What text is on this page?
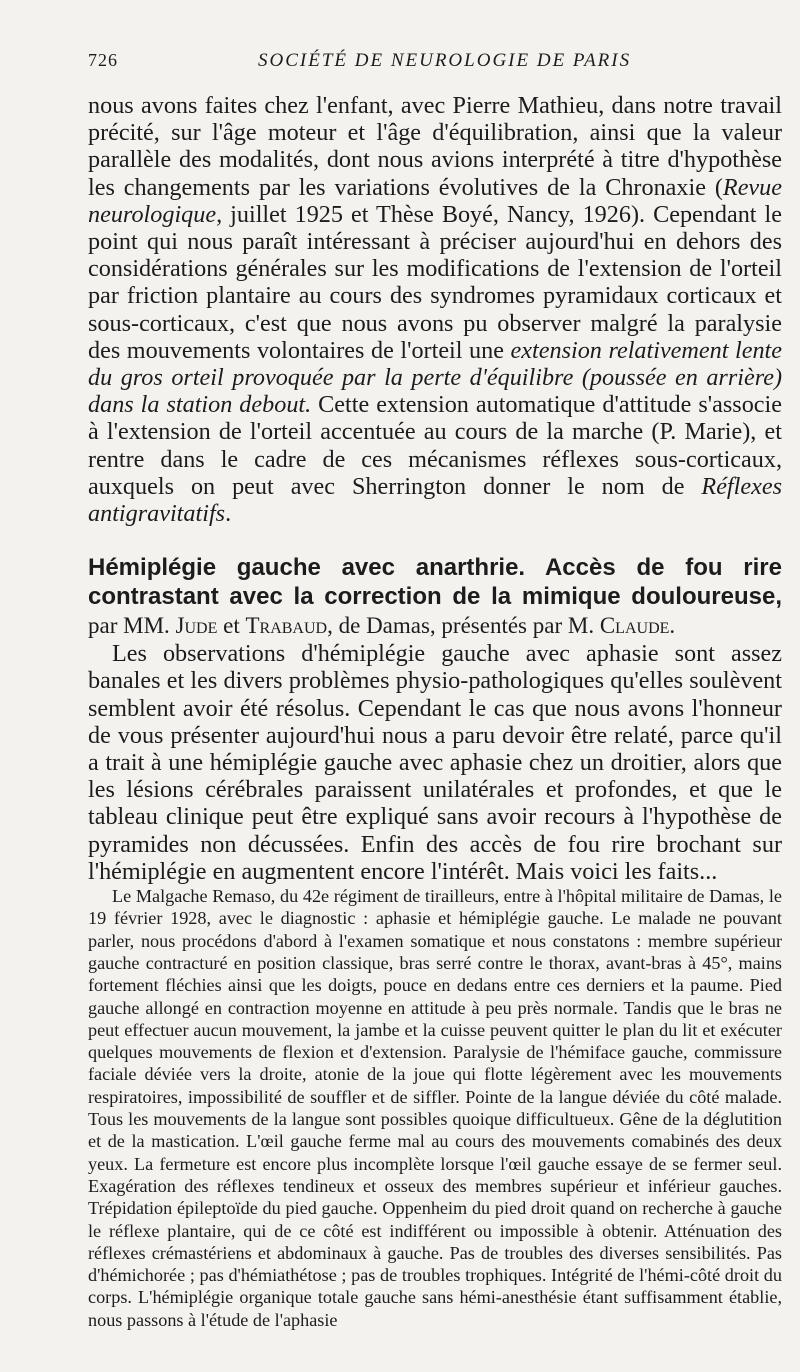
726	SOCIÉTÉ DE NEUROLOGIE DE PARIS

nous avons faites chez l'enfant, avec Pierre Mathieu, dans notre travail précité, sur l'âge moteur et l'âge d'équilibration, ainsi que la valeur parallèle des modalités, dont nous avions interprété à titre d'hypothèse les changements par les variations évolutives de la Chronaxie (Revue neurologique, juillet 1925 et Thèse Boyé, Nancy, 1926). Cependant le point qui nous paraît intéressant à préciser aujourd'hui en dehors des considérations générales sur les modifications de l'extension de l'orteil par friction plantaire au cours des syndromes pyramidaux corticaux et sous-corticaux, c'est que nous avons pu observer malgré la paralysie des mouvements volontaires de l'orteil une extension relativement lente du gros orteil provoquée par la perte d'équilibre (poussée en arrière) dans la station debout. Cette extension automatique d'attitude s'associe à l'extension de l'orteil accentuée au cours de la marche (P. Marie), et rentre dans le cadre de ces mécanismes réflexes sous-corticaux, auxquels on peut avec Sherrington donner le nom de Réflexes antigravitatifs.

Hémiplégie gauche avec anarthrie. Accès de fou rire contrastant avec la correction de la mimique douloureuse, par MM. Jude et Trabaud, de Damas, présentés par M. Claude.

Les observations d'hémiplégie gauche avec aphasie sont assez banales et les divers problèmes physio-pathologiques qu'elles soulèvent semblent avoir été résolus. Cependant le cas que nous avons l'honneur de vous présenter aujourd'hui nous a paru devoir être relaté, parce qu'il a trait à une hémiplégie gauche avec aphasie chez un droitier, alors que les lésions cérébrales paraissent unilatérales et profondes, et que le tableau clinique peut être expliqué sans avoir recours à l'hypothèse de pyramides non décussées. Enfin des accès de fou rire brochant sur l'hémiplégie en augmentent encore l'intérêt. Mais voici les faits...

Le Malgache Remaso, du 42e régiment de tirailleurs, entre à l'hôpital militaire de Damas, le 19 février 1928, avec le diagnostic : aphasie et hémiplégie gauche. Le malade ne pouvant parler, nous procédons d'abord à l'examen somatique et nous constatons : membre supérieur gauche contracturé en position classique, bras serré contre le thorax, avant-bras à 45°, mains fortement fléchies ainsi que les doigts, pouce en dedans entre ces derniers et la paume. Pied gauche allongé en contraction moyenne en attitude à peu près normale. Tandis que le bras ne peut effectuer aucun mouvement, la jambe et la cuisse peuvent quitter le plan du lit et exécuter quelques mouvements de flexion et d'extension. Paralysie de l'hémiface gauche, commissure faciale déviée vers la droite, atonie de la joue qui flotte légèrement avec les mouvements respiratoires, impossibilité de souffler et de siffler. Pointe de la langue déviée du côté malade. Tous les mouvements de la langue sont possibles quoique difficultueux. Gêne de la déglutition et de la mastication. L'œil gauche ferme mal au cours des mouvements comabinés des deux yeux. La fermeture est encore plus incomplète lorsque l'œil gauche essaye de se fermer seul. Exagération des réflexes tendineux et osseux des membres supérieur et inférieur gauches. Trépidation épileptoïde du pied gauche. Oppenheim du pied droit quand on recherche à gauche le réflexe plantaire, qui de ce côté est indifférent ou impossible à obtenir. Atténuation des réflexes crémastériens et abdominaux à gauche. Pas de troubles des diverses sensibilités. Pas d'hémichorée ; pas d'hémiathétose ; pas de troubles trophiques. Intégrité de l'hémi-côté droit du corps. L'hémiplégie organique totale gauche sans hémi-anesthésie étant suffisamment établie, nous passons à l'étude de l'aphasie
